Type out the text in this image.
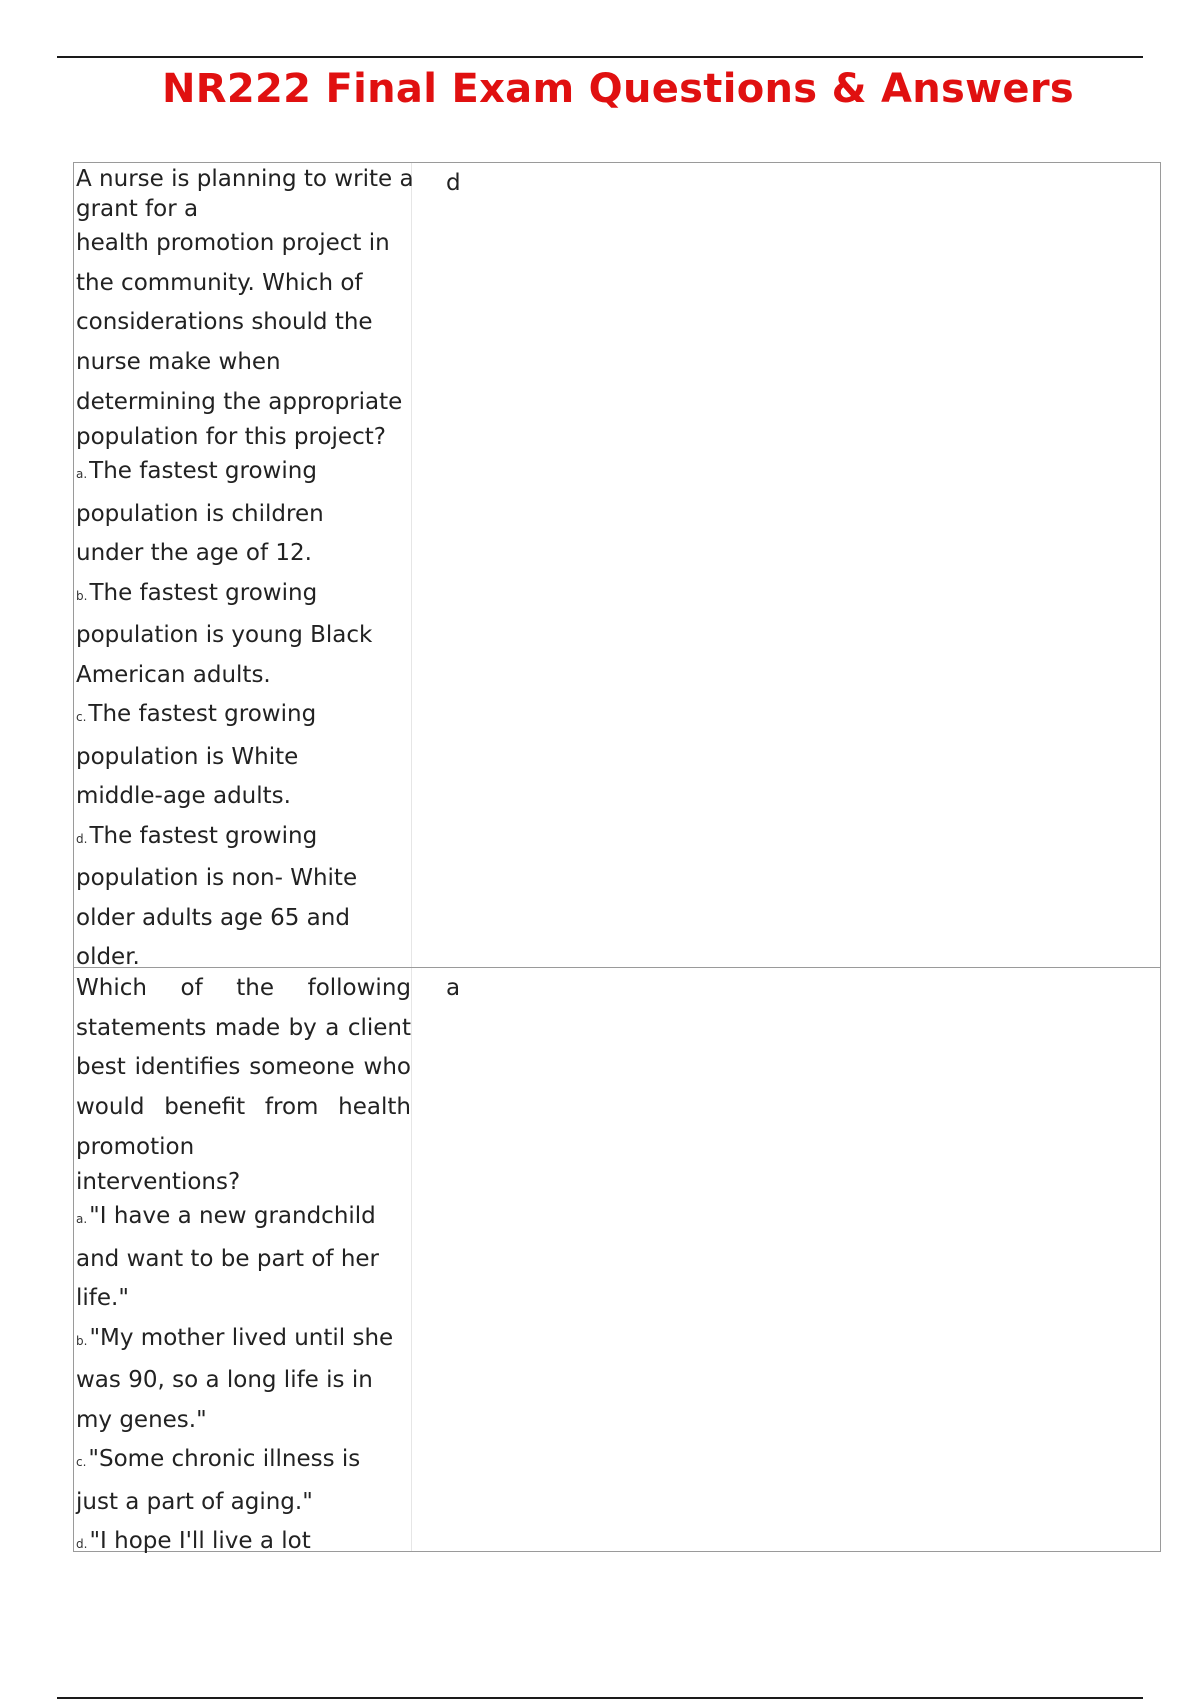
NR222 Final Exam Questions & Answers
A nurse is planning to write a
grant for a
health promotion project in
the community. Which of
considerations should the
nurse make when
determining the appropriate
population for this project?
a.The fastest growing
population is children
under the age of 12.
b.The fastest growing
population is young Black
American adults.
c.The fastest growing
population is White
middle-age adults.
d.The fastest growing
population is non- White
older adults age 65 and
older.
d
Which of the following
statements made by a client
best identifies someone who
would benefit from health
promotion
interventions?
a."I have a new grandchild
and want to be part of her
life."
b."My mother lived until she
was 90, so a long life is in
my genes."
c."Some chronic illness is
just a part of aging."
d."I hope I'll live a lot
a
